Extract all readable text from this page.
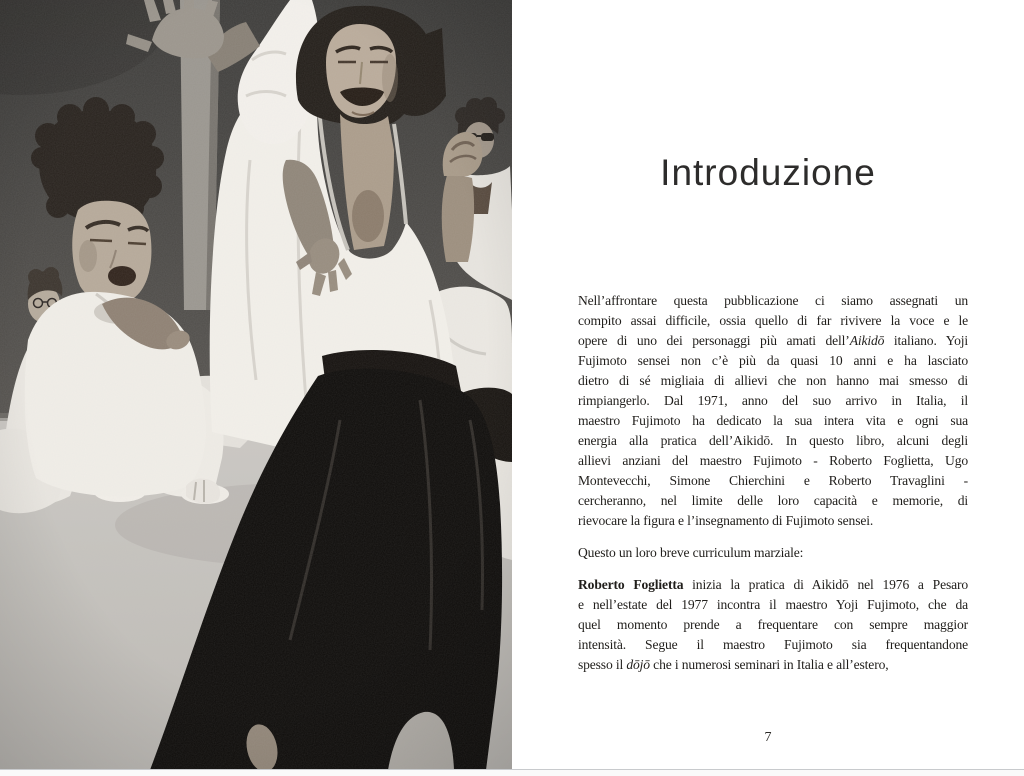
Introduzione
Nell’affrontare questa pubblicazione ci siamo assegnati un
compito assai difficile, ossia quello di far rivivere la voce e le
opere di uno dei personaggi più amati dell’Aikidō italiano. Yoji
Fujimoto sensei non c’è più da quasi 10 anni e ha lasciato
dietro di sé migliaia di allievi che non hanno mai smesso di
rimpiangerlo. Dal 1971, anno del suo arrivo in Italia, il
maestro Fujimoto ha dedicato la sua intera vita e ogni sua
energia alla pratica dell’Aikidō. In questo libro, alcuni degli
allievi anziani del maestro Fujimoto - Roberto Foglietta, Ugo
Montevecchi, Simone Chierchini e Roberto Travaglini -
cercheranno, nel limite delle loro capacità e memorie, di
rievocare la figura e l’insegnamento di Fujimoto sensei.
Questo un loro breve curriculum marziale:
Roberto Foglietta inizia la pratica di Aikidō nel 1976 a Pesaro
e nell’estate del 1977 incontra il maestro Yoji Fujimoto, che da
quel momento prende a frequentare con sempre maggior
intensità. Segue il maestro Fujimoto sia frequentandone
spesso il dōjō che i numerosi seminari in Italia e all’estero,
7
